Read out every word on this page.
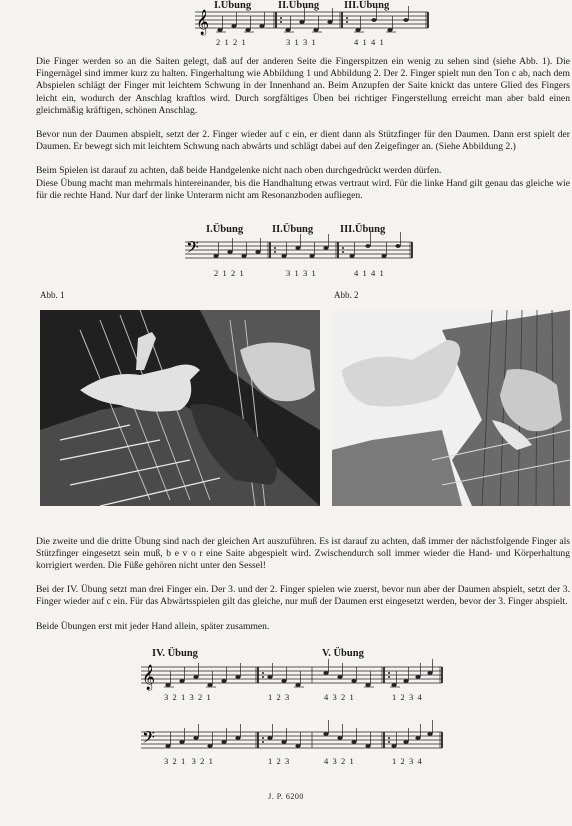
𝄞
I.Übung	II.Übung III.Übung
2  1  2  1	3  1  3  1	4  1  4  1
Die Finger werden so an die Saiten gelegt, daß auf der anderen Seite die Fingerspitzen ein wenig zu sehen sind (siehe Abb. 1). Die Fingernägel sind immer kurz zu halten. Fingerhaltung wie Abbildung 1 und Abbildung 2. Der 2. Finger spielt nun den Ton c ab, nach dem Abspielen schlägt der Finger mit leichtem Schwung in der Innenhand an. Beim Anzupfen der Saite knickt das untere Glied des Fingers leicht ein, wodurch der Anschlag kraftlos wird. Durch sorgfältiges Üben bei richtiger Fingerstellung erreicht man aber bald einen gleichmäßig kräftigen, schönen Anschlag.
Bevor nun der Daumen abspielt, setzt der 2. Finger wieder auf c ein, er dient dann als Stützfinger für den Daumen. Dann erst spielt der Daumen. Er bewegt sich mit leichtem Schwung nach abwärts und schlägt dabei auf den Zeigefinger an. (Siehe Abbildung 2.)
Beim Spielen ist darauf zu achten, daß beide Handgelenke nicht nach oben durchgedrückt werden dürfen.
Diese Übung macht man mehrmals hintereinander, bis die Handhaltung etwas vertraut wird. Für die linke Hand gilt genau das gleiche wie für die rechte Hand. Nur darf der linke Unterarm nicht am Resonanzboden aufliegen.
𝄢
I.Übung	II.Übung	III.Übung
2  1  2  1	3  1  3  1	4  1  4  1
Abb. 1	Abb. 2
Die zweite und die dritte Übung sind nach der gleichen Art auszuführen. Es ist darauf zu achten, daß immer der nächstfolgende Finger als Stützfinger eingesetzt sein muß, b e v o r eine Saite abgespielt wird. Zwischendurch soll immer wieder die Hand- und Körperhaltung korrigiert werden. Die Füße gehören nicht unter den Sessel!
Bei der IV. Übung setzt man drei Finger ein. Der 3. und der 2. Finger spielen wie zuerst, bevor nun aber der Daumen abspielt, setzt der 3. Finger wieder auf c ein. Für das Abwärtsspielen gilt das gleiche, nur muß der Daumen erst eingesetzt werden, bevor der 3. Finger abspielt.
Beide Übungen erst mit jeder Hand allein, später zusammen.
𝄞
IV. Übung	V. Übung
3  2  1  3  2  1	1  2  3	4  3  2  1	1  2  3  4
𝄢
3  2  1   3  2  1	1  2  3	4  3  2  1	1  2  3  4
J. P. 6200
